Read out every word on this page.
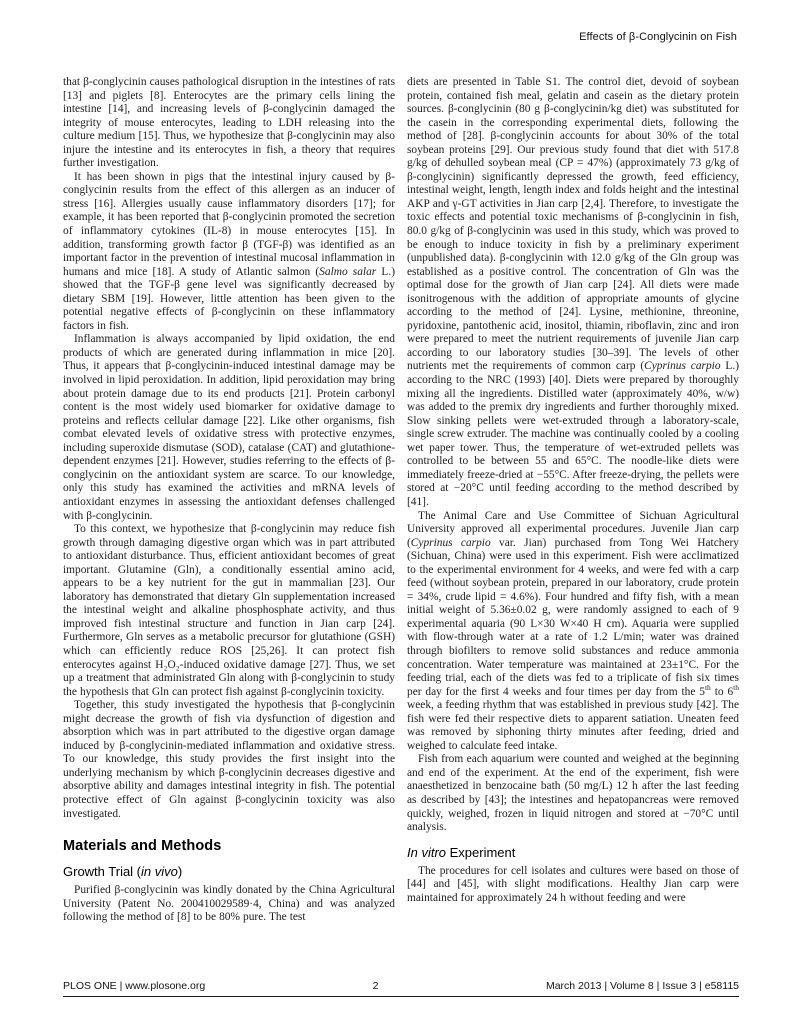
Effects of β-Conglycinin on Fish

that β-conglycinin causes pathological disruption in the intestines of rats [13] and piglets [8]. Enterocytes are the primary cells lining the intestine [14], and increasing levels of β-conglycinin damaged the integrity of mouse enterocytes, leading to LDH releasing into the culture medium [15]. Thus, we hypothesize that β-conglycinin may also injure the intestine and its enterocytes in fish, a theory that requires further investigation.

It has been shown in pigs that the intestinal injury caused by β-conglycinin results from the effect of this allergen as an inducer of stress [16]. Allergies usually cause inflammatory disorders [17]; for example, it has been reported that β-conglycinin promoted the secretion of inflammatory cytokines (IL-8) in mouse enterocytes [15]. In addition, transforming growth factor β (TGF-β) was identified as an important factor in the prevention of intestinal mucosal inflammation in humans and mice [18]. A study of Atlantic salmon (Salmo salar L.) showed that the TGF-β gene level was significantly decreased by dietary SBM [19]. However, little attention has been given to the potential negative effects of β-conglycinin on these inflammatory factors in fish.

Inflammation is always accompanied by lipid oxidation, the end products of which are generated during inflammation in mice [20]. Thus, it appears that β-conglycinin-induced intestinal damage may be involved in lipid peroxidation. In addition, lipid peroxidation may bring about protein damage due to its end products [21]. Protein carbonyl content is the most widely used biomarker for oxidative damage to proteins and reflects cellular damage [22]. Like other organisms, fish combat elevated levels of oxidative stress with protective enzymes, including superoxide dismutase (SOD), catalase (CAT) and glutathione-dependent enzymes [21]. However, studies referring to the effects of β-conglycinin on the antioxidant system are scarce. To our knowledge, only this study has examined the activities and mRNA levels of antioxidant enzymes in assessing the antioxidant defenses challenged with β-conglycinin.

To this context, we hypothesize that β-conglycinin may reduce fish growth through damaging digestive organ which was in part attributed to antioxidant disturbance. Thus, efficient antioxidant becomes of great important. Glutamine (Gln), a conditionally essential amino acid, appears to be a key nutrient for the gut in mammalian [23]. Our laboratory has demonstrated that dietary Gln supplementation increased the intestinal weight and alkaline phosphosphate activity, and thus improved fish intestinal structure and function in Jian carp [24]. Furthermore, Gln serves as a metabolic precursor for glutathione (GSH) which can efficiently reduce ROS [25,26]. It can protect fish enterocytes against H₂O₂-induced oxidative damage [27]. Thus, we set up a treatment that administrated Gln along with β-conglycinin to study the hypothesis that Gln can protect fish against β-conglycinin toxicity.

Together, this study investigated the hypothesis that β-conglycinin might decrease the growth of fish via dysfunction of digestion and absorption which was in part attributed to the digestive organ damage induced by β-conglycinin-mediated inflammation and oxidative stress. To our knowledge, this study provides the first insight into the underlying mechanism by which β-conglycinin decreases digestive and absorptive ability and damages intestinal integrity in fish. The potential protective effect of Gln against β-conglycinin toxicity was also investigated.

Materials and Methods
Growth Trial (in vivo)

Purified β-conglycinin was kindly donated by the China Agricultural University (Patent No. 200410029589·4, China) and was analyzed following the method of [8] to be 80% pure. The test

diets are presented in Table S1. The control diet, devoid of soybean protein, contained fish meal, gelatin and casein as the dietary protein sources. β-conglycinin (80 g β-conglycinin/kg diet) was substituted for the casein in the corresponding experimental diets, following the method of [28]. β-conglycinin accounts for about 30% of the total soybean proteins [29]. Our previous study found that diet with 517.8 g/kg of dehulled soybean meal (CP = 47%) (approximately 73 g/kg of β-conglycinin) significantly depressed the growth, feed efficiency, intestinal weight, length, length index and folds height and the intestinal AKP and γ-GT activities in Jian carp [2,4]. Therefore, to investigate the toxic effects and potential toxic mechanisms of β-conglycinin in fish, 80.0 g/kg of β-conglycinin was used in this study, which was proved to be enough to induce toxicity in fish by a preliminary experiment (unpublished data). β-conglycinin with 12.0 g/kg of the Gln group was established as a positive control. The concentration of Gln was the optimal dose for the growth of Jian carp [24]. All diets were made isonitrogenous with the addition of appropriate amounts of glycine according to the method of [24]. Lysine, methionine, threonine, pyridoxine, pantothenic acid, inositol, thiamin, riboflavin, zinc and iron were prepared to meet the nutrient requirements of juvenile Jian carp according to our laboratory studies [30–39]. The levels of other nutrients met the requirements of common carp (Cyprinus carpio L.) according to the NRC (1993) [40]. Diets were prepared by thoroughly mixing all the ingredients. Distilled water (approximately 40%, w/w) was added to the premix dry ingredients and further thoroughly mixed. Slow sinking pellets were wet-extruded through a laboratory-scale, single screw extruder. The machine was continually cooled by a cooling wet paper tower. Thus, the temperature of wet-extruded pellets was controlled to be between 55 and 65°C. The noodle-like diets were immediately freeze-dried at −55°C. After freeze-drying, the pellets were stored at −20°C until feeding according to the method described by [41].

The Animal Care and Use Committee of Sichuan Agricultural University approved all experimental procedures. Juvenile Jian carp (Cyprinus carpio var. Jian) purchased from Tong Wei Hatchery (Sichuan, China) were used in this experiment. Fish were acclimatized to the experimental environment for 4 weeks, and were fed with a carp feed (without soybean protein, prepared in our laboratory, crude protein = 34%, crude lipid = 4.6%). Four hundred and fifty fish, with a mean initial weight of 5.36±0.02 g, were randomly assigned to each of 9 experimental aquaria (90 L×30 W×40 H cm). Aquaria were supplied with flow-through water at a rate of 1.2 L/min; water was drained through biofilters to remove solid substances and reduce ammonia concentration. Water temperature was maintained at 23±1°C. For the feeding trial, each of the diets was fed to a triplicate of fish six times per day for the first 4 weeks and four times per day from the 5th to 6th week, a feeding rhythm that was established in previous study [42]. The fish were fed their respective diets to apparent satiation. Uneaten feed was removed by siphoning thirty minutes after feeding, dried and weighed to calculate feed intake.

Fish from each aquarium were counted and weighed at the beginning and end of the experiment. At the end of the experiment, fish were anaesthetized in benzocaine bath (50 mg/L) 12 h after the last feeding as described by [43]; the intestines and hepatopancreas were removed quickly, weighed, frozen in liquid nitrogen and stored at −70°C until analysis.

In vitro Experiment

The procedures for cell isolates and cultures were based on those of [44] and [45], with slight modifications. Healthy Jian carp were maintained for approximately 24 h without feeding and were

PLOS ONE | www.plosone.org	2	March 2013 | Volume 8 | Issue 3 | e58115
